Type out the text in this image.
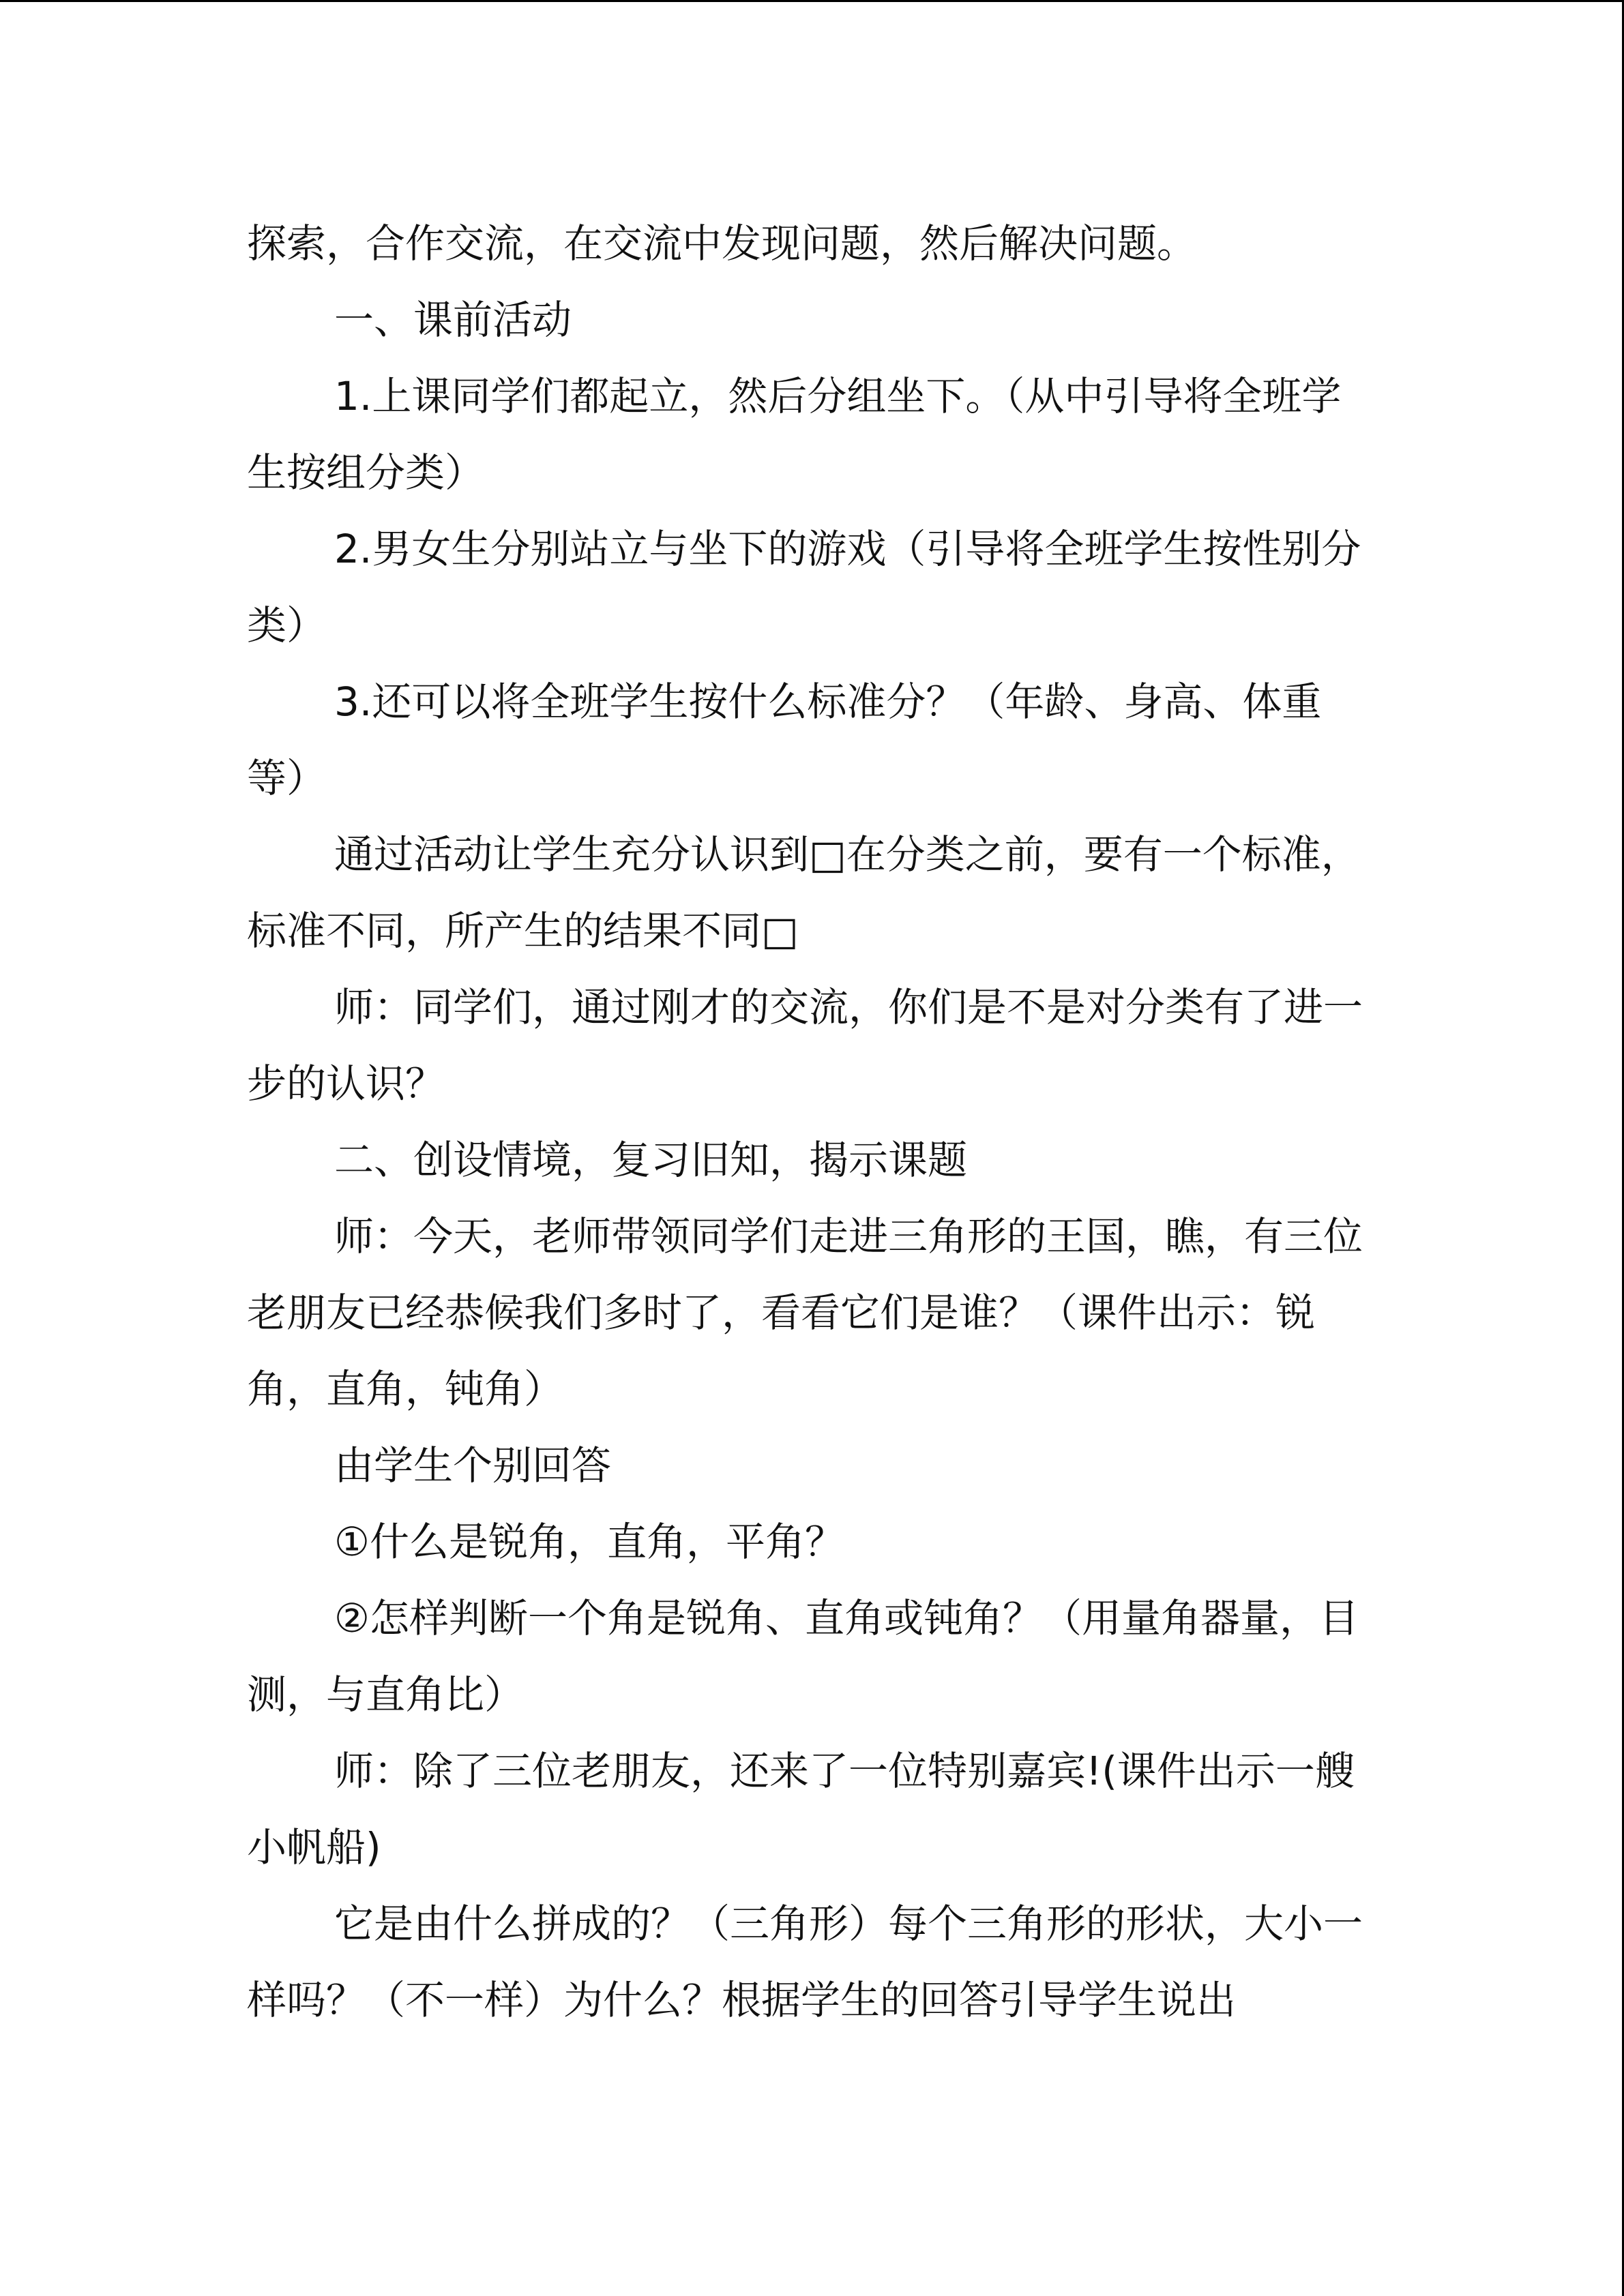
探索，合作交流，在交流中发现问题，然后解决问题。

一、课前活动

1.上课同学们都起立，然后分组坐下。（从中引导将全班学生按组分类）

2.男女生分别站立与坐下的游戏（引导将全班学生按性别分类）

3.还可以将全班学生按什么标准分？（年龄、身高、体重等）

通过活动让学生充分认识到□在分类之前，要有一个标准，标准不同，所产生的结果不同□

师：同学们，通过刚才的交流，你们是不是对分类有了进一步的认识？

二、创设情境，复习旧知，揭示课题

师：今天，老师带领同学们走进三角形的王国，瞧，有三位老朋友已经恭候我们多时了，看看它们是谁？（课件出示：锐角，直角，钝角）

由学生个别回答

①什么是锐角，直角，平角？

②怎样判断一个角是锐角、直角或钝角？（用量角器量，目测，与直角比）

师：除了三位老朋友，还来了一位特别嘉宾!(课件出示一艘小帆船)

它是由什么拼成的？（三角形）每个三角形的形状，大小一样吗？（不一样）为什么？根据学生的回答引导学生说出
